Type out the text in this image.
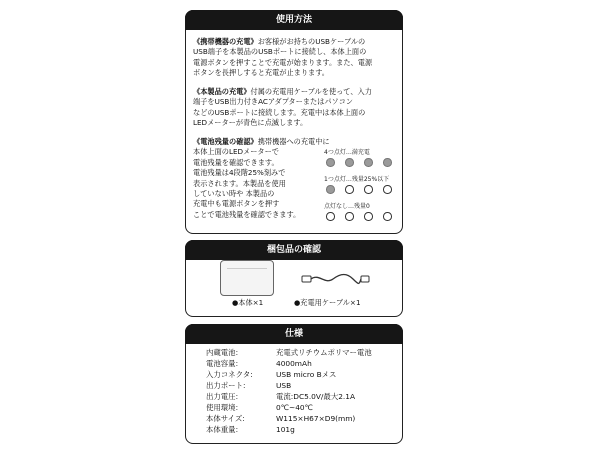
使用方法

《携帯機器の充電》お客様がお持ちのUSBケーブルの
USB端子を本製品のUSBポートに接続し、本体上面の
電源ボタンを押すことで充電が始まります。また、電源
ボタンを長押しすると充電が止まります。

《本製品の充電》付属の充電用ケーブルを使って、入力
端子をUSB出力付きACアダプターまたはパソコン
などのUSBポートに接続します。充電中は本体上面の
LEDメーターが青色に点滅します。

《電池残量の確認》携帯機器への充電中に
本体上面のLEDメーターで
電池残量を確認できます。
電池残量は4段階25%刻みで
表示されます。本製品を使用
していない時や 本製品の
充電中も電源ボタンを押す
ことで電池残量を確認できます。

4つ点灯…満充電
1つ点灯…残量25%以下
点灯なし…残量0
梱包品の確認
●本体×1	●充電用ケーブル×1
仕様
内蔵電池:	充電式リチウムポリマー電池
電池容量:	4000mAh
入力コネクタ:	USB micro Bメス
出力ポート:	USB
出力電圧:	電流:DC5.0V/最大2.1A
使用環境:	0℃~40℃
本体サイズ:	W115×H67×D9(mm)
本体重量:	101g
